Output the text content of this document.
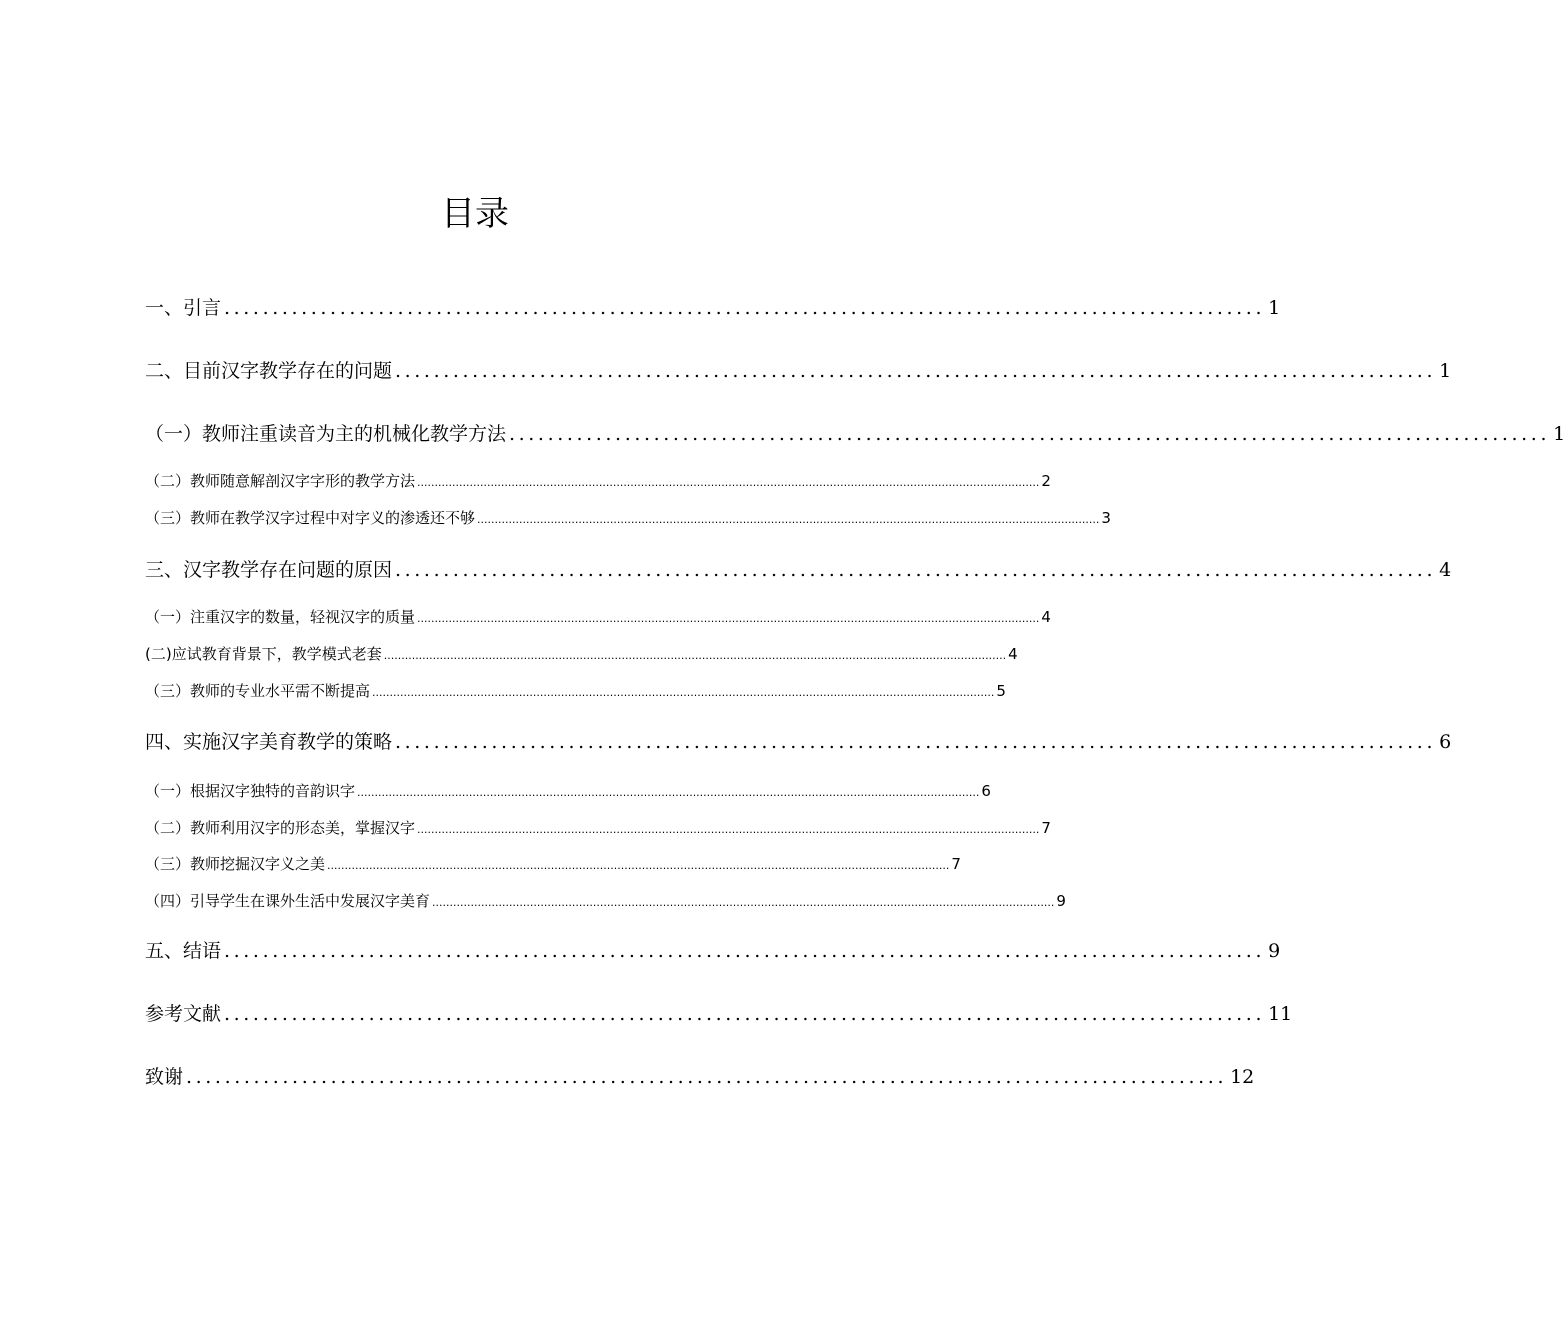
目录
一、引言 ............................................................................................................ 1
二、目前汉字教学存在的问题 ............................................................................................................ 1
（一）教师注重读音为主的机械化教学方法 ............................................................................................................ 1
（二）教师随意解剖汉字字形的教学方法 .................................................................................................................................................................................. 2
（三）教师在教学汉字过程中对字义的渗透还不够 .................................................................................................................................................................................. 3
三、汉字教学存在问题的原因 ............................................................................................................ 4
（一）注重汉字的数量，轻视汉字的质量 .................................................................................................................................................................................. 4
(二)应试教育背景下，教学模式老套 .................................................................................................................................................................................. 4
（三）教师的专业水平需不断提高 .................................................................................................................................................................................. 5
四、实施汉字美育教学的策略 ............................................................................................................ 6
（一）根据汉字独特的音韵识字 .................................................................................................................................................................................. 6
（二）教师利用汉字的形态美，掌握汉字 .................................................................................................................................................................................. 7
（三）教师挖掘汉字义之美 .................................................................................................................................................................................. 7
（四）引导学生在课外生活中发展汉字美育 .................................................................................................................................................................................. 9
五、结语 ............................................................................................................ 9
参考文献 ............................................................................................................ 11
致谢 ............................................................................................................ 12
